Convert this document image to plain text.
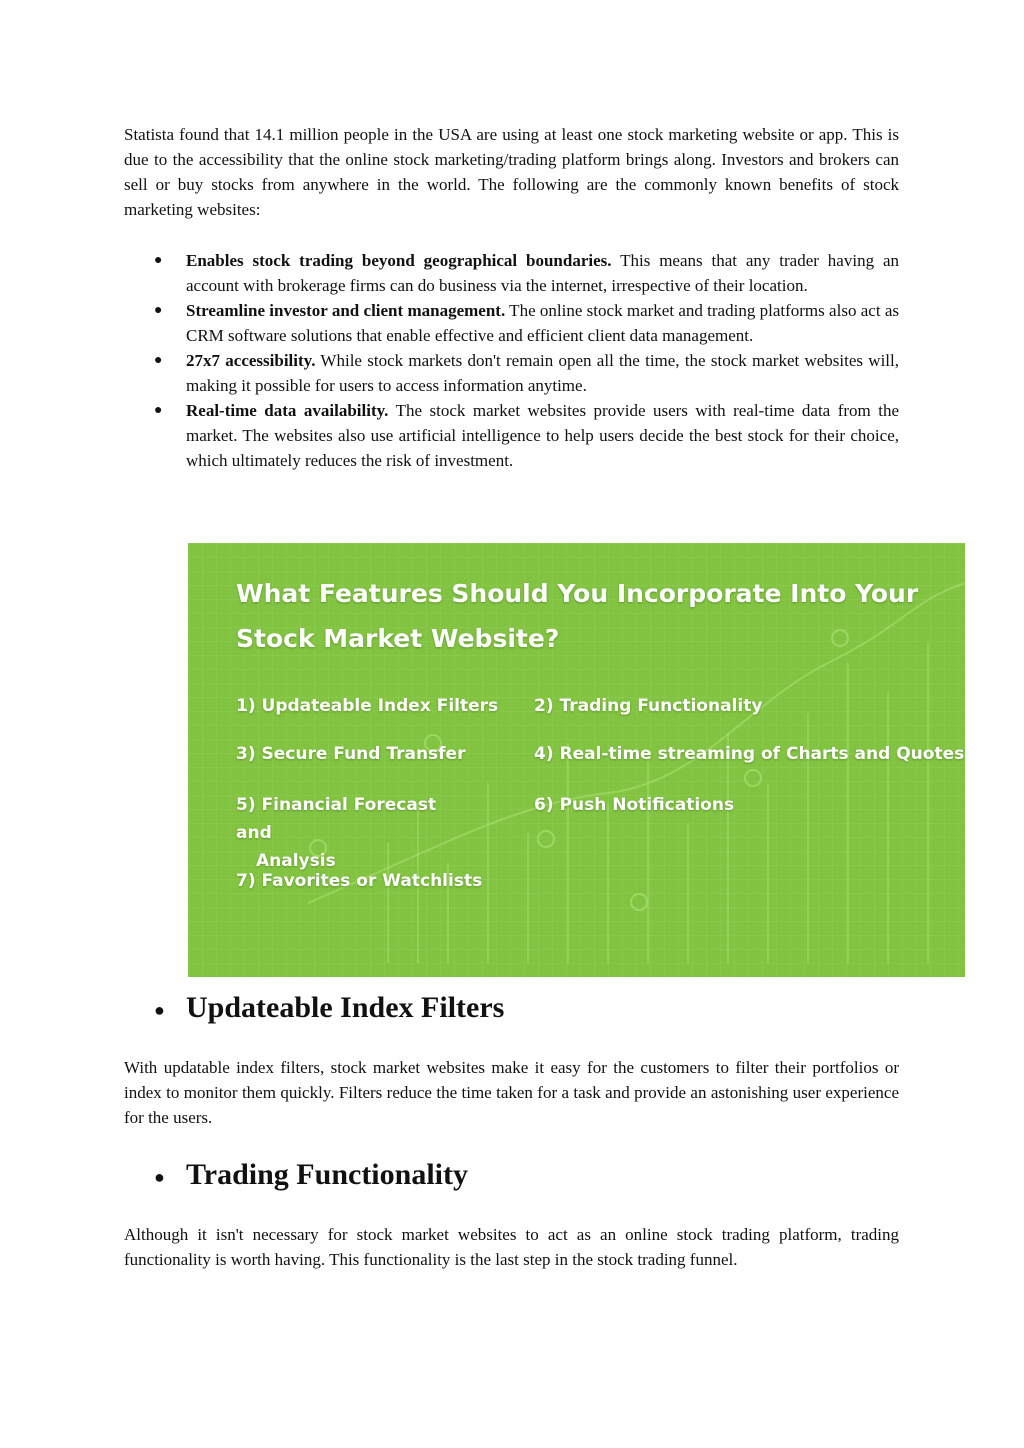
Statista found that 14.1 million people in the USA are using at least one stock marketing website or app. This is due to the accessibility that the online stock marketing/trading platform brings along. Investors and brokers can sell or buy stocks from anywhere in the world. The following are the commonly known benefits of stock marketing websites:

● Enables stock trading beyond geographical boundaries. This means that any trader having an account with brokerage firms can do business via the internet, irrespective of their location.
● Streamline investor and client management. The online stock market and trading platforms also act as CRM software solutions that enable effective and efficient client data management.
● 27x7 accessibility. While stock markets don't remain open all the time, the stock market websites will, making it possible for users to access information anytime.
● Real-time data availability. The stock market websites provide users with real-time data from the market. The websites also use artificial intelligence to help users decide the best stock for their choice, which ultimately reduces the risk of investment.
What Features Should You Incorporate Into Your
Stock Market Website?
1) Updateable Index Filters 2) Trading Functionality
3) Secure Fund Transfer	4) Real-time streaming of Charts and Quotes
5) Financial Forecast and
Analysis
6) Push Notifications
7) Favorites or Watchlists
● Updateable Index Filters

With updatable index filters, stock market websites make it easy for the customers to filter their portfolios or index to monitor them quickly. Filters reduce the time taken for a task and provide an astonishing user experience for the users.

● Trading Functionality

Although it isn't necessary for stock market websites to act as an online stock trading platform, trading functionality is worth having. This functionality is the last step in the stock trading funnel.
